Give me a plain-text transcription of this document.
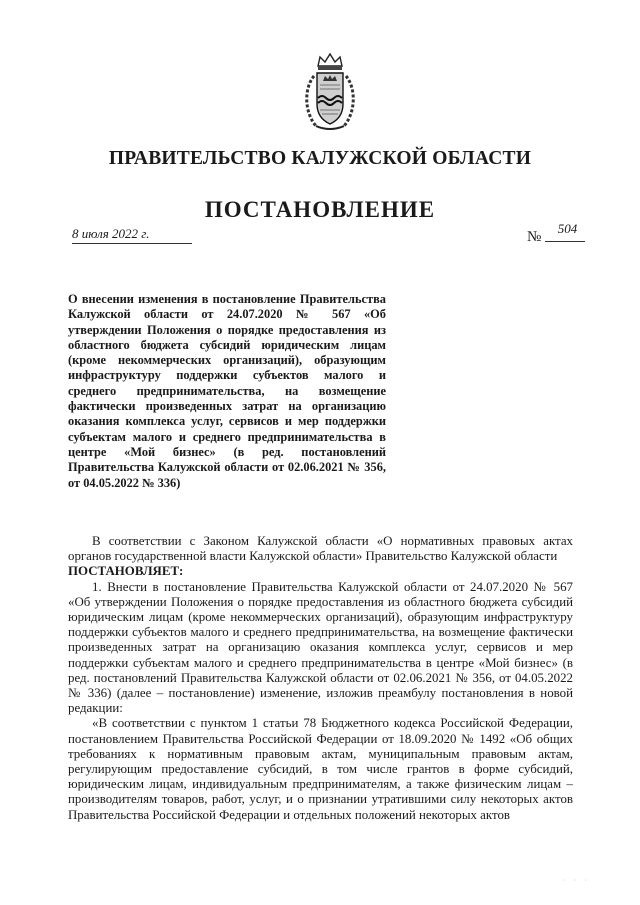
ПРАВИТЕЛЬСТВО КАЛУЖСКОЙ ОБЛАСТИ
ПОСТАНОВЛЕНИЕ
8 июля 2022 г.	№
504

О внесении изменения в постановление Правительства Калужской области от 24.07.2020 № 567 «Об утверждении Положения о порядке предоставления из областного бюджета субсидий юридическим лицам (кроме некоммерческих организаций), образующим инфраструктуру поддержки субъектов малого и среднего предпринимательства, на возмещение фактически произведенных затрат на организацию оказания комплекса услуг, сервисов и мер поддержки субъектам малого и среднего предпринимательства в центре «Мой бизнес» (в ред. постановлений Правительства Калужской области от 02.06.2021 № 356, от 04.05.2022 № 336)

В соответствии с Законом Калужской области «О нормативных правовых актах органов государственной власти Калужской области» Правительство Калужской области

ПОСТАНОВЛЯЕТ:

1. Внести в постановление Правительства Калужской области от 24.07.2020 № 567 «Об утверждении Положения о порядке предоставления из областного бюджета субсидий юридическим лицам (кроме некоммерческих организаций), образующим инфраструктуру поддержки субъектов малого и среднего предпринимательства, на возмещение фактически произведенных затрат на организацию оказания комплекса услуг, сервисов и мер поддержки субъектам малого и среднего предпринимательства в центре «Мой бизнес» (в ред. постановлений Правительства Калужской области от 02.06.2021 № 356, от 04.05.2022 № 336) (далее – постановление) изменение, изложив преамбулу постановления в новой редакции:

«В соответствии с пунктом 1 статьи 78 Бюджетного кодекса Российской Федерации, постановлением Правительства Российской Федерации от 18.09.2020 № 1492 «Об общих требованиях к нормативным правовым актам, муниципальным правовым актам, регулирующим предоставление субсидий, в том числе грантов в форме субсидий, юридическим лицам, индивидуальным предпринимателям, а также физическим лицам – производителям товаров, работ, услуг, и о признании утратившими силу некоторых актов Правительства Российской Федерации и отдельных положений некоторых актов

· · ·
